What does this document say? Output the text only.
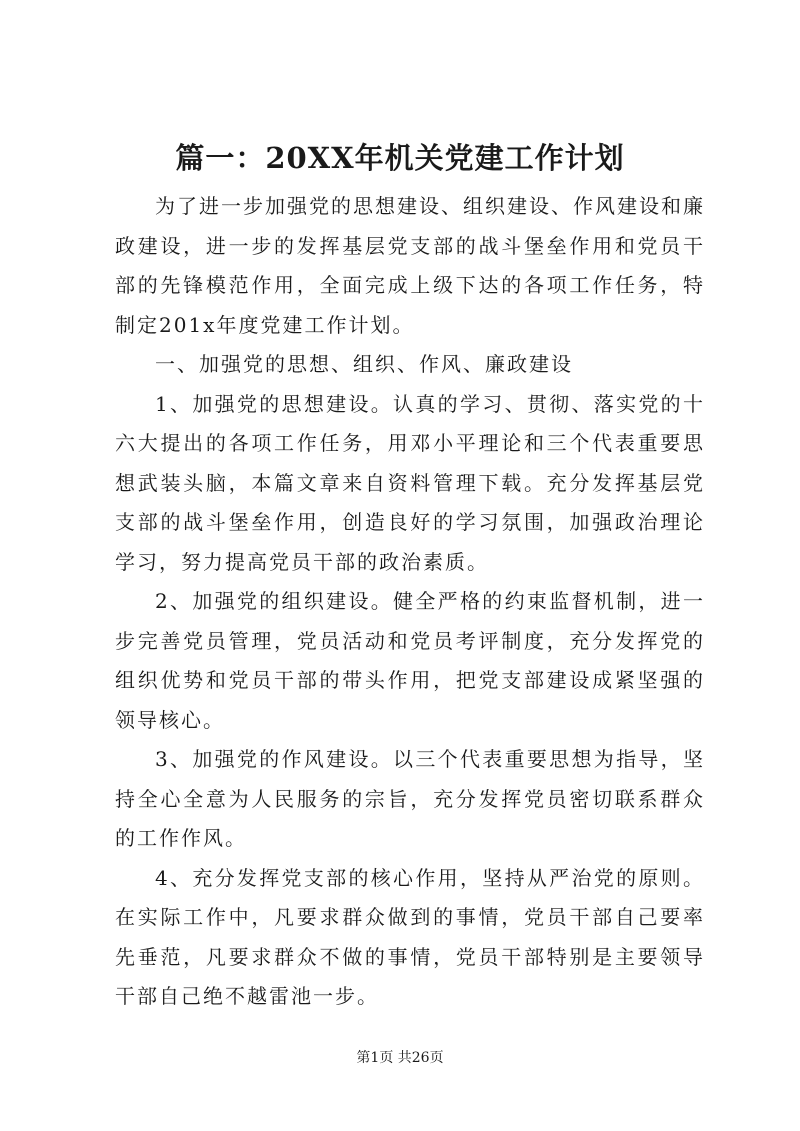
篇一：20XX年机关党建工作计划

为了进一步加强党的思想建设、组织建设、作风建设和廉政建设，进一步的发挥基层党支部的战斗堡垒作用和党员干部的先锋模范作用，全面完成上级下达的各项工作任务，特制定201x年度党建工作计划。

一、加强党的思想、组织、作风、廉政建设

1、加强党的思想建设。认真的学习、贯彻、落实党的十六大提出的各项工作任务，用邓小平理论和三个代表重要思想武装头脑，本篇文章来自资料管理下载。充分发挥基层党支部的战斗堡垒作用，创造良好的学习氛围，加强政治理论学习，努力提高党员干部的政治素质。

2、加强党的组织建设。健全严格的约束监督机制，进一步完善党员管理，党员活动和党员考评制度，充分发挥党的组织优势和党员干部的带头作用，把党支部建设成紧坚强的领导核心。

3、加强党的作风建设。以三个代表重要思想为指导，坚持全心全意为人民服务的宗旨，充分发挥党员密切联系群众的工作作风。

4、充分发挥党支部的核心作用，坚持从严治党的原则。在实际工作中，凡要求群众做到的事情，党员干部自己要率先垂范，凡要求群众不做的事情，党员干部特别是主要领导干部自己绝不越雷池一步。

第1页 共26页
